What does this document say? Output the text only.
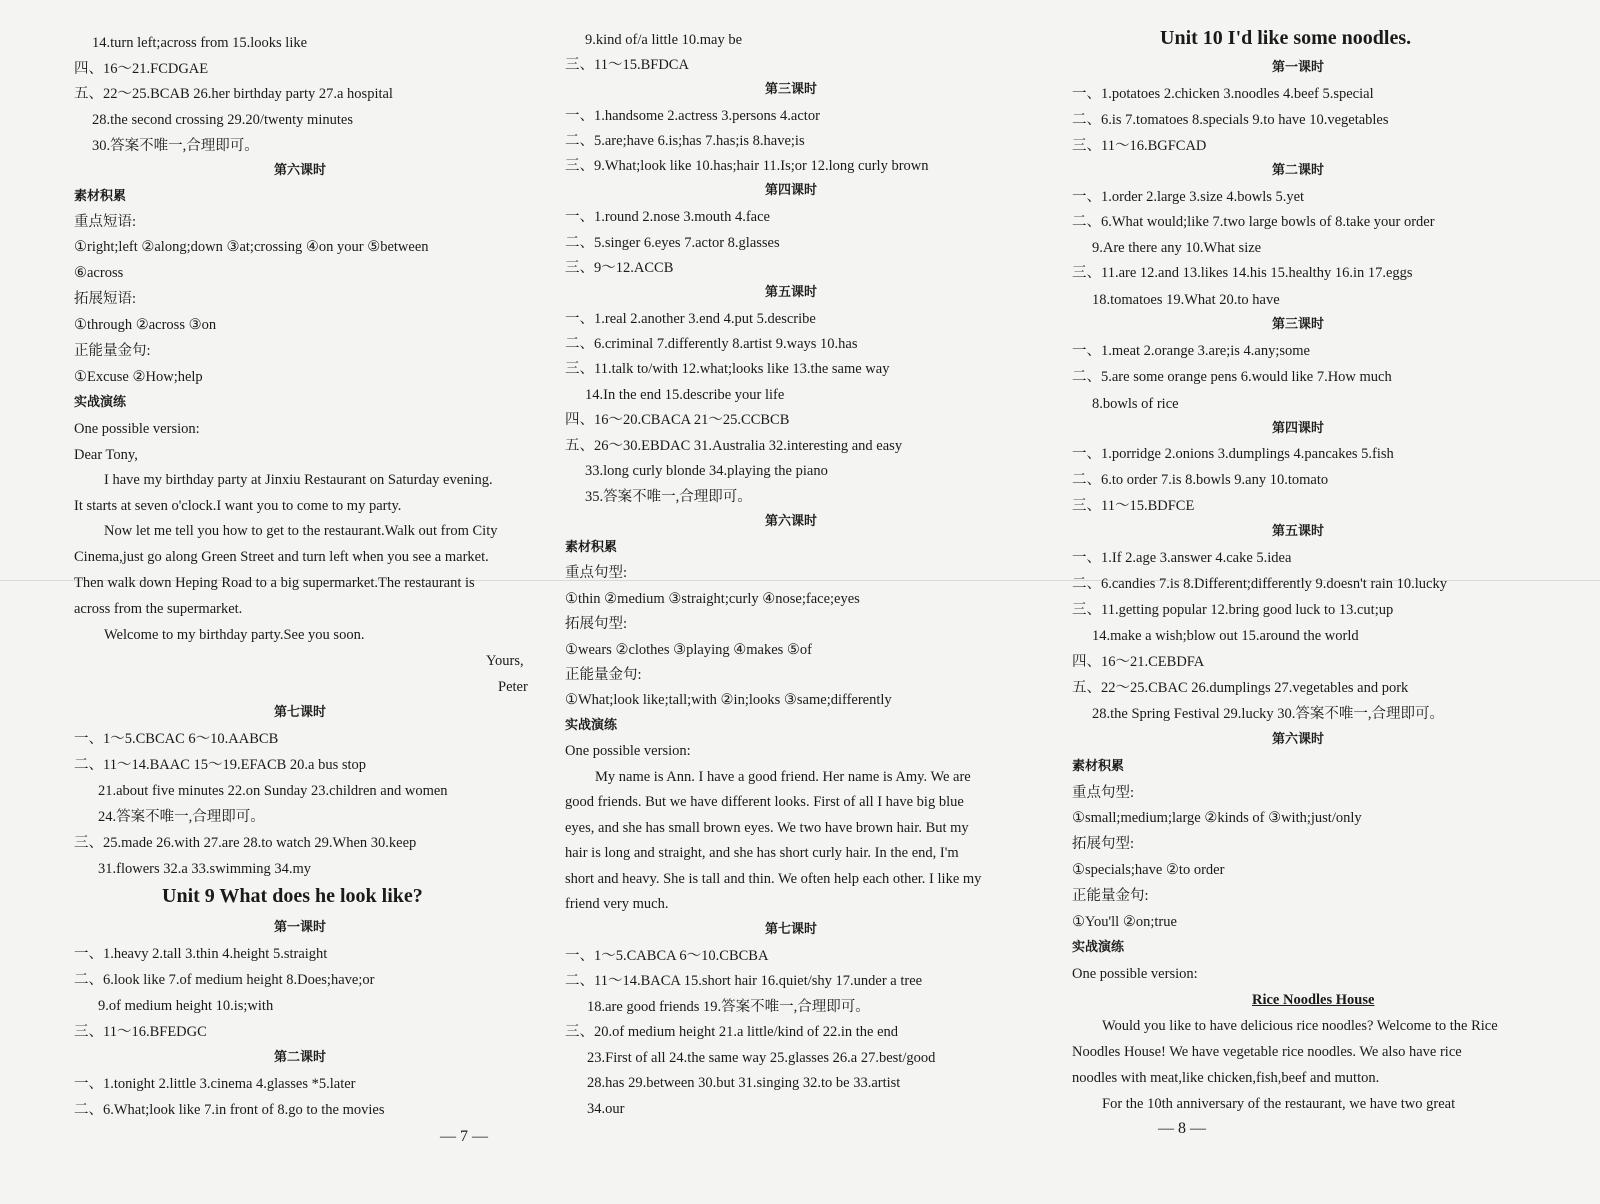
14.turn left;across from 15.looks like
四、16～21.FCDGAE
五、22～25.BCAB 26.her birthday party 27.a hospital
28.the second crossing 29.20/twenty minutes
30.答案不唯一,合理即可。
第六课时
素材积累
重点短语:
①right;left ②along;down ③at;crossing ④on your ⑤between
⑥across
拓展短语:
①through ②across ③on
正能量金句:
①Excuse ②How;help
实战演练
One possible version:
Dear Tony,
I have my birthday party at Jinxiu Restaurant on Saturday evening.
It starts at seven o'clock.I want you to come to my party.
Now let me tell you how to get to the restaurant.Walk out from City
Cinema,just go along Green Street and turn left when you see a market.
Then walk down Heping Road to a big supermarket.The restaurant is
across from the supermarket.
Welcome to my birthday party.See you soon.
Yours,
Peter
第七课时
一、1～5.CBCAC 6～10.AABCB
二、11～14.BAAC 15～19.EFACB 20.a bus stop
21.about five minutes 22.on Sunday 23.children and women
24.答案不唯一,合理即可。
三、25.made 26.with 27.are 28.to watch 29.When 30.keep
31.flowers 32.a 33.swimming 34.my
Unit 9 What does he look like?
第一课时
一、1.heavy 2.tall 3.thin 4.height 5.straight
二、6.look like 7.of medium height 8.Does;have;or
9.of medium height 10.is;with
三、11～16.BFEDGC
第二课时
一、1.tonight 2.little 3.cinema 4.glasses *5.later
二、6.What;look like 7.in front of 8.go to the movies
9.kind of/a little 10.may be
三、11～15.BFDCA
第三课时
一、1.handsome 2.actress 3.persons 4.actor
二、5.are;have 6.is;has 7.has;is 8.have;is
三、9.What;look like 10.has;hair 11.Is;or 12.long curly brown
第四课时
一、1.round 2.nose 3.mouth 4.face
二、5.singer 6.eyes 7.actor 8.glasses
三、9～12.ACCB
第五课时
一、1.real 2.another 3.end 4.put 5.describe
二、6.criminal 7.differently 8.artist 9.ways 10.has
三、11.talk to/with 12.what;looks like 13.the same way
14.In the end 15.describe your life
四、16～20.CBACA 21～25.CCBCB
五、26～30.EBDAC 31.Australia 32.interesting and easy
33.long curly blonde 34.playing the piano
35.答案不唯一,合理即可。
第六课时
素材积累
重点句型:
①thin ②medium ③straight;curly ④nose;face;eyes
拓展句型:
①wears ②clothes ③playing ④makes ⑤of
正能量金句:
①What;look like;tall;with ②in;looks ③same;differently
实战演练
One possible version:
My name is Ann. I have a good friend. Her name is Amy. We are
good friends. But we have different looks. First of all I have big blue
eyes, and she has small brown eyes. We two have brown hair. But my
hair is long and straight, and she has short curly hair. In the end, I'm
short and heavy. She is tall and thin. We often help each other. I like my
friend very much.
第七课时
一、1～5.CABCA 6～10.CBCBA
二、11～14.BACA 15.short hair 16.quiet/shy 17.under a tree
18.are good friends 19.答案不唯一,合理即可。
三、20.of medium height 21.a little/kind of 22.in the end
23.First of all 24.the same way 25.glasses 26.a 27.best/good
28.has 29.between 30.but 31.singing 32.to be 33.artist
34.our
— 7 —
Unit 10 I'd like some noodles.
第一课时
一、1.potatoes 2.chicken 3.noodles 4.beef 5.special
二、6.is 7.tomatoes 8.specials 9.to have 10.vegetables
三、11～16.BGFCAD
第二课时
一、1.order 2.large 3.size 4.bowls 5.yet
二、6.What would;like 7.two large bowls of 8.take your order
9.Are there any 10.What size
三、11.are 12.and 13.likes 14.his 15.healthy 16.in 17.eggs
18.tomatoes 19.What 20.to have
第三课时
一、1.meat 2.orange 3.are;is 4.any;some
二、5.are some orange pens 6.would like 7.How much
8.bowls of rice
第四课时
一、1.porridge 2.onions 3.dumplings 4.pancakes 5.fish
二、6.to order 7.is 8.bowls 9.any 10.tomato
三、11～15.BDFCE
第五课时
一、1.If 2.age 3.answer 4.cake 5.idea
二、6.candies 7.is 8.Different;differently 9.doesn't rain 10.lucky
三、11.getting popular 12.bring good luck to 13.cut;up
14.make a wish;blow out 15.around the world
四、16～21.CEBDFA
五、22～25.CBAC 26.dumplings 27.vegetables and pork
28.the Spring Festival 29.lucky 30.答案不唯一,合理即可。
第六课时
素材积累
重点句型:
①small;medium;large ②kinds of ③with;just/only
拓展句型:
①specials;have ②to order
正能量金句:
①You'll ②on;true
实战演练
One possible version:
Rice Noodles House
Would you like to have delicious rice noodles? Welcome to the Rice
Noodles House! We have vegetable rice noodles. We also have rice
noodles with meat,like chicken,fish,beef and mutton.
For the 10th anniversary of the restaurant, we have two great
— 8 —
